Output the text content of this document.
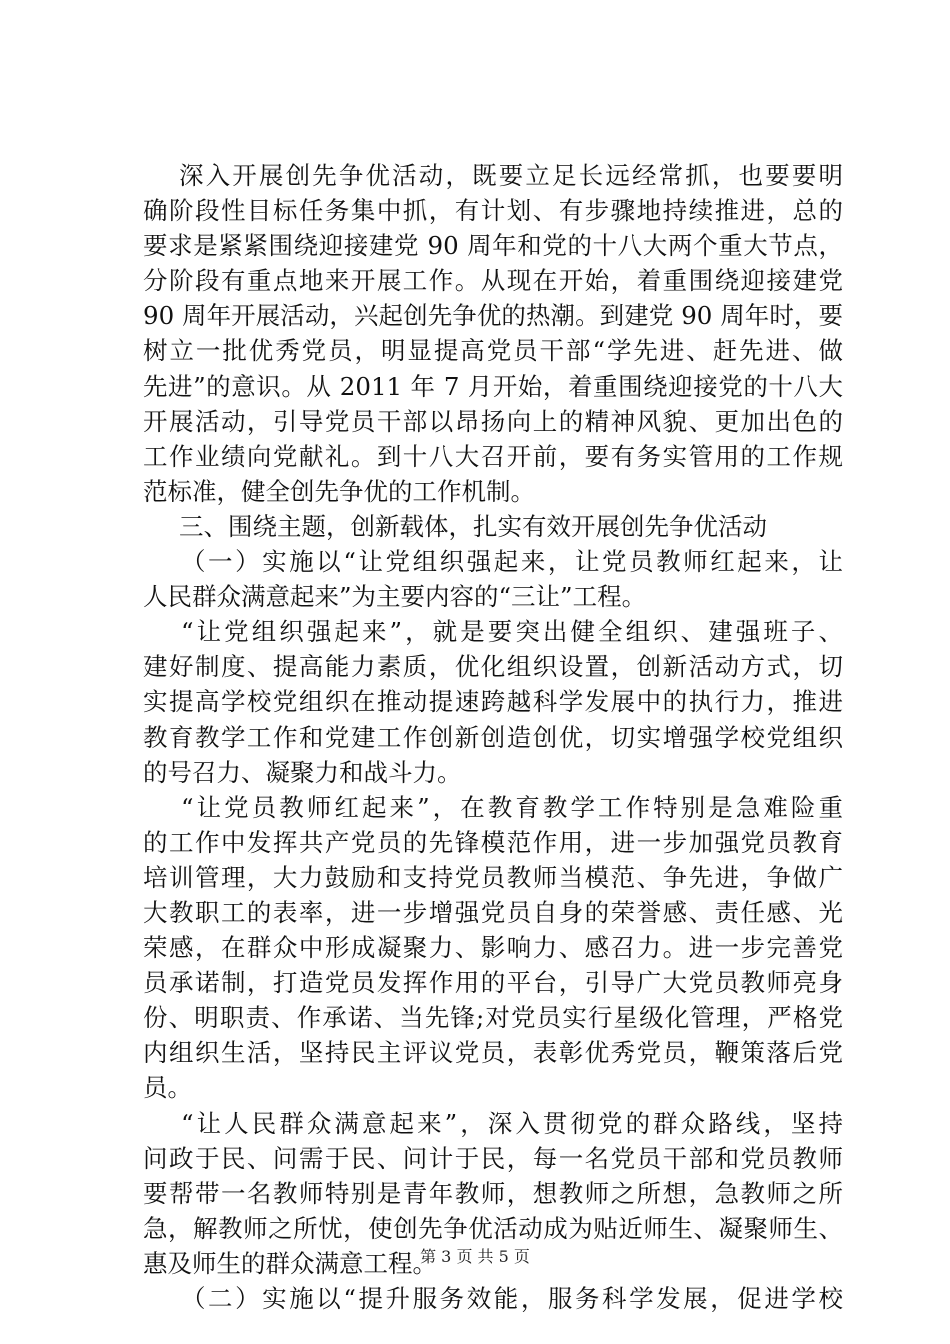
深入开展创先争优活动，既要立足长远经常抓，也要要明
确阶段性目标任务集中抓，有计划、有步骤地持续推进，总的
要求是紧紧围绕迎接建党 90 周年和党的十八大两个重大节点，
分阶段有重点地来开展工作。从现在开始，着重围绕迎接建党
90 周年开展活动，兴起创先争优的热潮。到建党 90 周年时，要
树立一批优秀党员，明显提高党员干部“学先进、赶先进、做
先进”的意识。从 2011 年 7 月开始，着重围绕迎接党的十八大
开展活动，引导党员干部以昂扬向上的精神风貌、更加出色的
工作业绩向党献礼。到十八大召开前，要有务实管用的工作规
范标准，健全创先争优的工作机制。
三、围绕主题，创新载体，扎实有效开展创先争优活动
（一）实施以“让党组织强起来，让党员教师红起来，让
人民群众满意起来”为主要内容的“三让”工程。
“让党组织强起来”，就是要突出健全组织、建强班子、
建好制度、提高能力素质，优化组织设置，创新活动方式，切
实提高学校党组织在推动提速跨越科学发展中的执行力，推进
教育教学工作和党建工作创新创造创优，切实增强学校党组织
的号召力、凝聚力和战斗力。
“让党员教师红起来”，在教育教学工作特别是急难险重
的工作中发挥共产党员的先锋模范作用，进一步加强党员教育
培训管理，大力鼓励和支持党员教师当模范、争先进，争做广
大教职工的表率，进一步增强党员自身的荣誉感、责任感、光
荣感，在群众中形成凝聚力、影响力、感召力。进一步完善党
员承诺制，打造党员发挥作用的平台，引导广大党员教师亮身
份、明职责、作承诺、当先锋;对党员实行星级化管理，严格党
内组织生活，坚持民主评议党员，表彰优秀党员，鞭策落后党
员。
“让人民群众满意起来”，深入贯彻党的群众路线，坚持
问政于民、问需于民、问计于民，每一名党员干部和党员教师
要帮带一名教师特别是青年教师，想教师之所想，急教师之所
急，解教师之所忧，使创先争优活动成为贴近师生、凝聚师生、
惠及师生的群众满意工程。
（二）实施以“提升服务效能，服务科学发展，促进学校
第 3 页 共 5 页
